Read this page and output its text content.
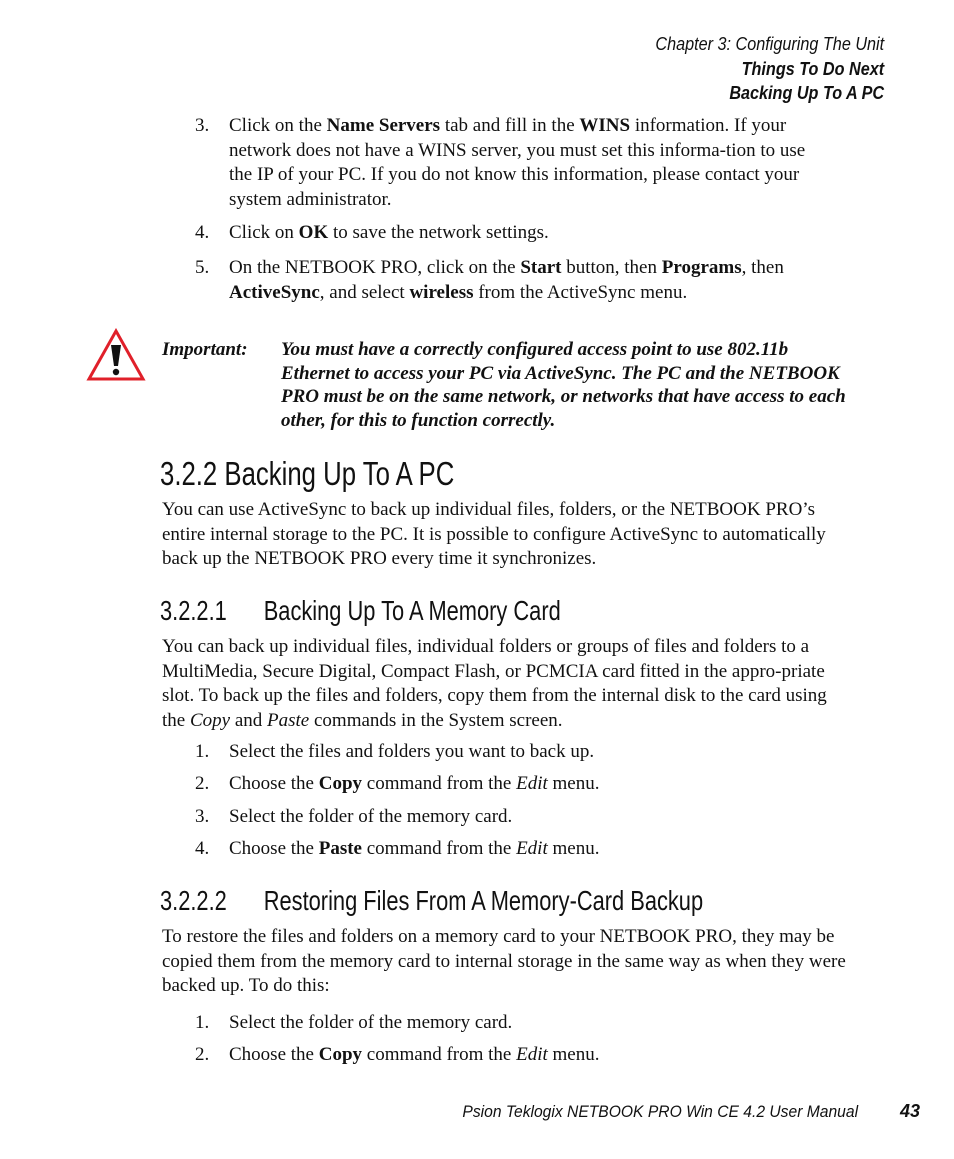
Chapter 3: Configuring The Unit
Things To Do Next
Backing Up To A PC
3. Click on the Name Servers tab and fill in the WINS information. If your network does not have a WINS server, you must set this informa-tion to use the IP of your PC. If you do not know this information, please contact your system administrator.
4. Click on OK to save the network settings.
5. On the NETBOOK PRO, click on the Start button, then Programs, then ActiveSync, and select wireless from the ActiveSync menu.
Important: You must have a correctly configured access point to use 802.11b Ethernet to access your PC via ActiveSync. The PC and the NETBOOK PRO must be on the same network, or networks that have access to each other, for this to function correctly.
3.2.2 Backing Up To A PC
You can use ActiveSync to back up individual files, folders, or the NETBOOK PRO’s entire internal storage to the PC. It is possible to configure ActiveSync to automatically back up the NETBOOK PRO every time it synchronizes.
3.2.2.1 Backing Up To A Memory Card
You can back up individual files, individual folders or groups of files and folders to a MultiMedia, Secure Digital, Compact Flash, or PCMCIA card fitted in the appro-priate slot. To back up the files and folders, copy them from the internal disk to the card using the Copy and Paste commands in the System screen.
1. Select the files and folders you want to back up.
2. Choose the Copy command from the Edit menu.
3. Select the folder of the memory card.
4. Choose the Paste command from the Edit menu.
3.2.2.2 Restoring Files From A Memory-Card Backup
To restore the files and folders on a memory card to your NETBOOK PRO, they may be copied them from the memory card to internal storage in the same way as when they were backed up. To do this:
1. Select the folder of the memory card.
2. Choose the Copy command from the Edit menu.
Psion Teklogix NETBOOK PRO Win CE 4.2 User Manual 43
